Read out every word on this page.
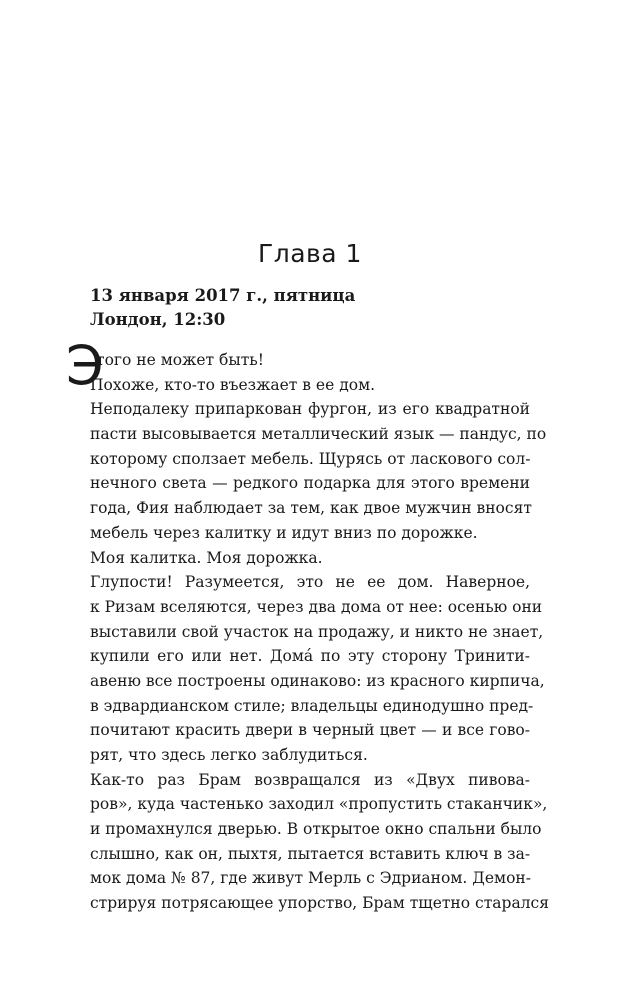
Глава 1
13 января 2017 г., пятница
Лондон, 12:30
Э
того не может быть!
Похоже, кто-то въезжает в ее дом.
Неподалеку припаркован фургон, из его квадратной
пасти высовывается металлический язык — пандус, по
которому сползает мебель. Щурясь от ласкового сол-
нечного света — редкого подарка для этого времени
года, Фия наблюдает за тем, как двое мужчин вносят
мебель через калитку и идут вниз по дорожке.
Моя калитка. Моя дорожка.
Глупости! Разумеется, это не ее дом. Наверное,
к Ризам вселяются, через два дома от нее: осенью они
выставили свой участок на продажу, и никто не знает,
купили его или нет. Домá по эту сторону Тринити-
авеню все построены одинаково: из красного кирпича,
в эдвардианском стиле; владельцы единодушно пред-
почитают красить двери в черный цвет — и все гово-
рят, что здесь легко заблудиться.
Как-то раз Брам возвращался из «Двух пивова-
ров», куда частенько заходил «пропустить стаканчик»,
и промахнулся дверью. В открытое окно спальни было
слышно, как он, пыхтя, пытается вставить ключ в за-
мок дома № 87, где живут Мерль с Эдрианом. Демон-
стрируя потрясающее упорство, Брам тщетно старался
